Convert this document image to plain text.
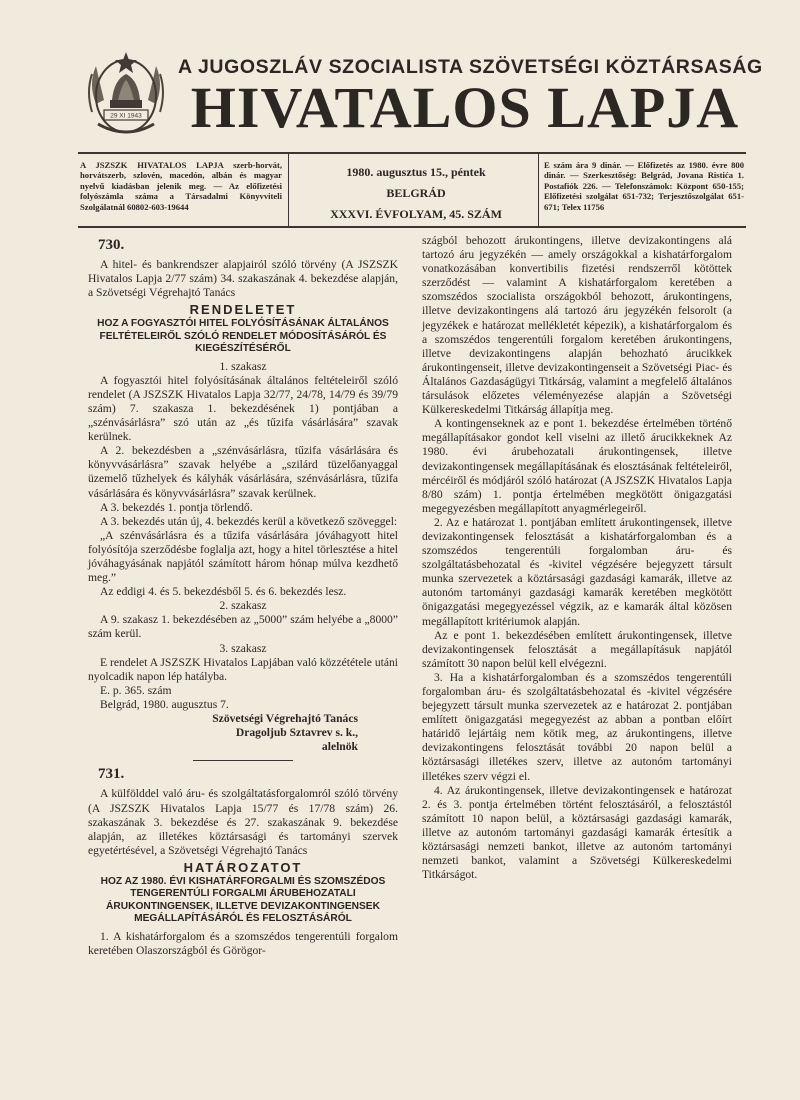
29 XI 1943
A JUGOSZLÁV SZOCIALISTA SZÖVETSÉGI KÖZTÁRSASÁG
HIVATALOS LAPJA
A JSZSZK HIVATALOS LAPJA szerb-horvát, horvátszerb, szlovén, macedón, albán és magyar nyelvű kiadásban jelenik meg. — Az előfizetési folyószámla száma a Társadalmi Könyvviteli Szolgálatnál 60802-603-19644
1980. augusztus 15., péntek
BELGRÁD
XXXVI. ÉVFOLYAM, 45. SZÁM
E szám ára 9 dinár. — Előfizetés az 1980. évre 800 dinár. — Szerkesztőség: Belgrád, Jovana Ristića 1. Postafiók 226. — Telefonszámok: Központ 650-155; Előfizetési szolgálat 651-732; Terjesztőszolgálat 651-671; Telex 11756

730.

A hitel- és bankrendszer alapjairól szóló törvény (A JSZSZK Hivatalos Lapja 2/77 szám) 34. szakaszának 4. bekezdése alapján, a Szövetségi Végrehajtó Tanács

RENDELETET

HOZ A FOGYASZTÓI HITEL FOLYÓSÍTÁSÁNAK ÁLTALÁNOS FELTÉTELEIRŐL SZÓLÓ RENDELET MÓDOSÍTÁSÁRÓL ÉS KIEGÉSZÍTÉSÉRŐL

1. szakasz

A fogyasztói hitel folyósításának általános feltételeiről szóló rendelet (A JSZSZK Hivatalos Lapja 32/77, 24/78, 14/79 és 39/79 szám) 7. szakasza 1. bekezdésének 1) pontjában a „szénvásárlásra” szó után az „és tűzifa vásárlására” szavak kerülnek.

A 2. bekezdésben a „szénvásárlásra, tűzifa vásárlására és könyvvásárlásra” szavak helyébe a „szilárd tüzelőanyaggal üzemelő tűzhelyek és kályhák vásárlására, szénvásárlásra, tűzifa vásárlására és könyvvásárlásra” szavak kerülnek.

A 3. bekezdés 1. pontja törlendő.

A 3. bekezdés után új, 4. bekezdés kerül a következő szöveggel:

„A szénvásárlásra és a tűzifa vásárlására jóváhagyott hitel folyósítója szerződésbe foglalja azt, hogy a hitel törlesztése a hitel jóváhagyásának napjától számított három hónap múlva kezdhető meg.”

Az eddigi 4. és 5. bekezdésből 5. és 6. bekezdés lesz.

2. szakasz

A 9. szakasz 1. bekezdésében az „5000” szám helyébe a „8000” szám kerül.

3. szakasz

E rendelet A JSZSZK Hivatalos Lapjában való közzététele utáni nyolcadik napon lép hatályba.

E. p. 365. szám

Belgrád, 1980. augusztus 7.

Szövetségi Végrehajtó Tanács

Dragoljub Sztavrev s. k.,

alelnök

731.

A külfölddel való áru- és szolgáltatásforgalomról szóló törvény (A JSZSZK Hivatalos Lapja 15/77 és 17/78 szám) 26. szakaszának 3. bekezdése és 27. szakaszának 9. bekezdése alapján, az illetékes köztársasági és tartományi szervek egyetértésével, a Szövetségi Végrehajtó Tanács

HATÁROZATOT

HOZ AZ 1980. ÉVI KISHATÁRFORGALMI ÉS SZOMSZÉDOS TENGERENTÚLI FORGALMI ÁRUBEHOZATALI ÁRUKONTINGENSEK, ILLETVE DEVIZAKONTINGENSEK MEGÁLLAPÍTÁSÁRÓL ÉS FELOSZTÁSÁRÓL

1. A kishatárforgalom és a szomszédos tengerentúli forgalom keretében Olaszországból és Görögor-

szágból behozott árukontingens, illetve devizakontingens alá tartozó áru jegyzékén — amely országokkal a kishatárforgalom vonatkozásában konvertibilis fizetési rendszerről kötöttek szerződést — valamint A kishatárforgalom keretében a szomszédos szocialista országokból behozott, árukontingens, illetve devizakontingens alá tartozó áru jegyzékén felsorolt (a jegyzékek e határozat mellékletét képezik), a kishatárforgalom és a szomszédos tengerentúli forgalom keretében árukontingens, illetve devizakontingens alapján behozható árucikkek árukontingenseit, illetve devizakontingenseit a Szövetségi Piac- és Általános Gazdaságügyi Titkárság, valamint a megfelelő általános társulások előzetes véleményezése alapján a Szövetségi Külkereskedelmi Titkárság állapítja meg.

A kontingenseknek az e pont 1. bekezdése értelmében történő megállapításakor gondot kell viselni az illető árucikkeknek Az 1980. évi árubehozatali árukontingensek, illetve devizakontingensek megállapításának és elosztásának feltételeiről, mércéiről és módjáról szóló határozat (A JSZSZK Hivatalos Lapja 8/80 szám) 1. pontja értelmében megkötött önigazgatási megegyezésben megállapított anyagmérlegeiről.

2. Az e határozat 1. pontjában említett árukontingensek, illetve devizakontingensek felosztását a kishatárforgalomban és a szomszédos tengerentúli forgalomban áru- és szolgáltatásbehozatal és -kivitel végzésére bejegyzett társult munka szervezetek a köztársasági gazdasági kamarák, illetve az autonóm tartományi gazdasági kamarák keretében megkötött önigazgatási megegyezéssel végzik, az e kamarák által közösen megállapított kritériumok alapján.

Az e pont 1. bekezdésében említett árukontingensek, illetve devizakontingensek felosztását a megállapításuk napjától számított 30 napon belül kell elvégezni.

3. Ha a kishatárforgalomban és a szomszédos tengerentúli forgalomban áru- és szolgáltatásbehozatal és -kivitel végzésére bejegyzett társult munka szervezetek az e határozat 2. pontjában említett önigazgatási megegyezést az abban a pontban előírt határidő lejártáig nem kötik meg, az árukontingens, illetve devizakontingens felosztását további 20 napon belül a köztársasági illetékes szerv, illetve az autonóm tartományi illetékes szerv végzi el.

4. Az árukontingensek, illetve devizakontingensek e határozat 2. és 3. pontja értelmében történt felosztásáról, a felosztástól számított 10 napon belül, a köztársasági gazdasági kamarák, illetve az autonóm tartományi gazdasági kamarák értesítik a köztársasági nemzeti bankot, illetve az autonóm tartományi nemzeti bankot, valamint a Szövetségi Külkereskedelmi Titkárságot.
